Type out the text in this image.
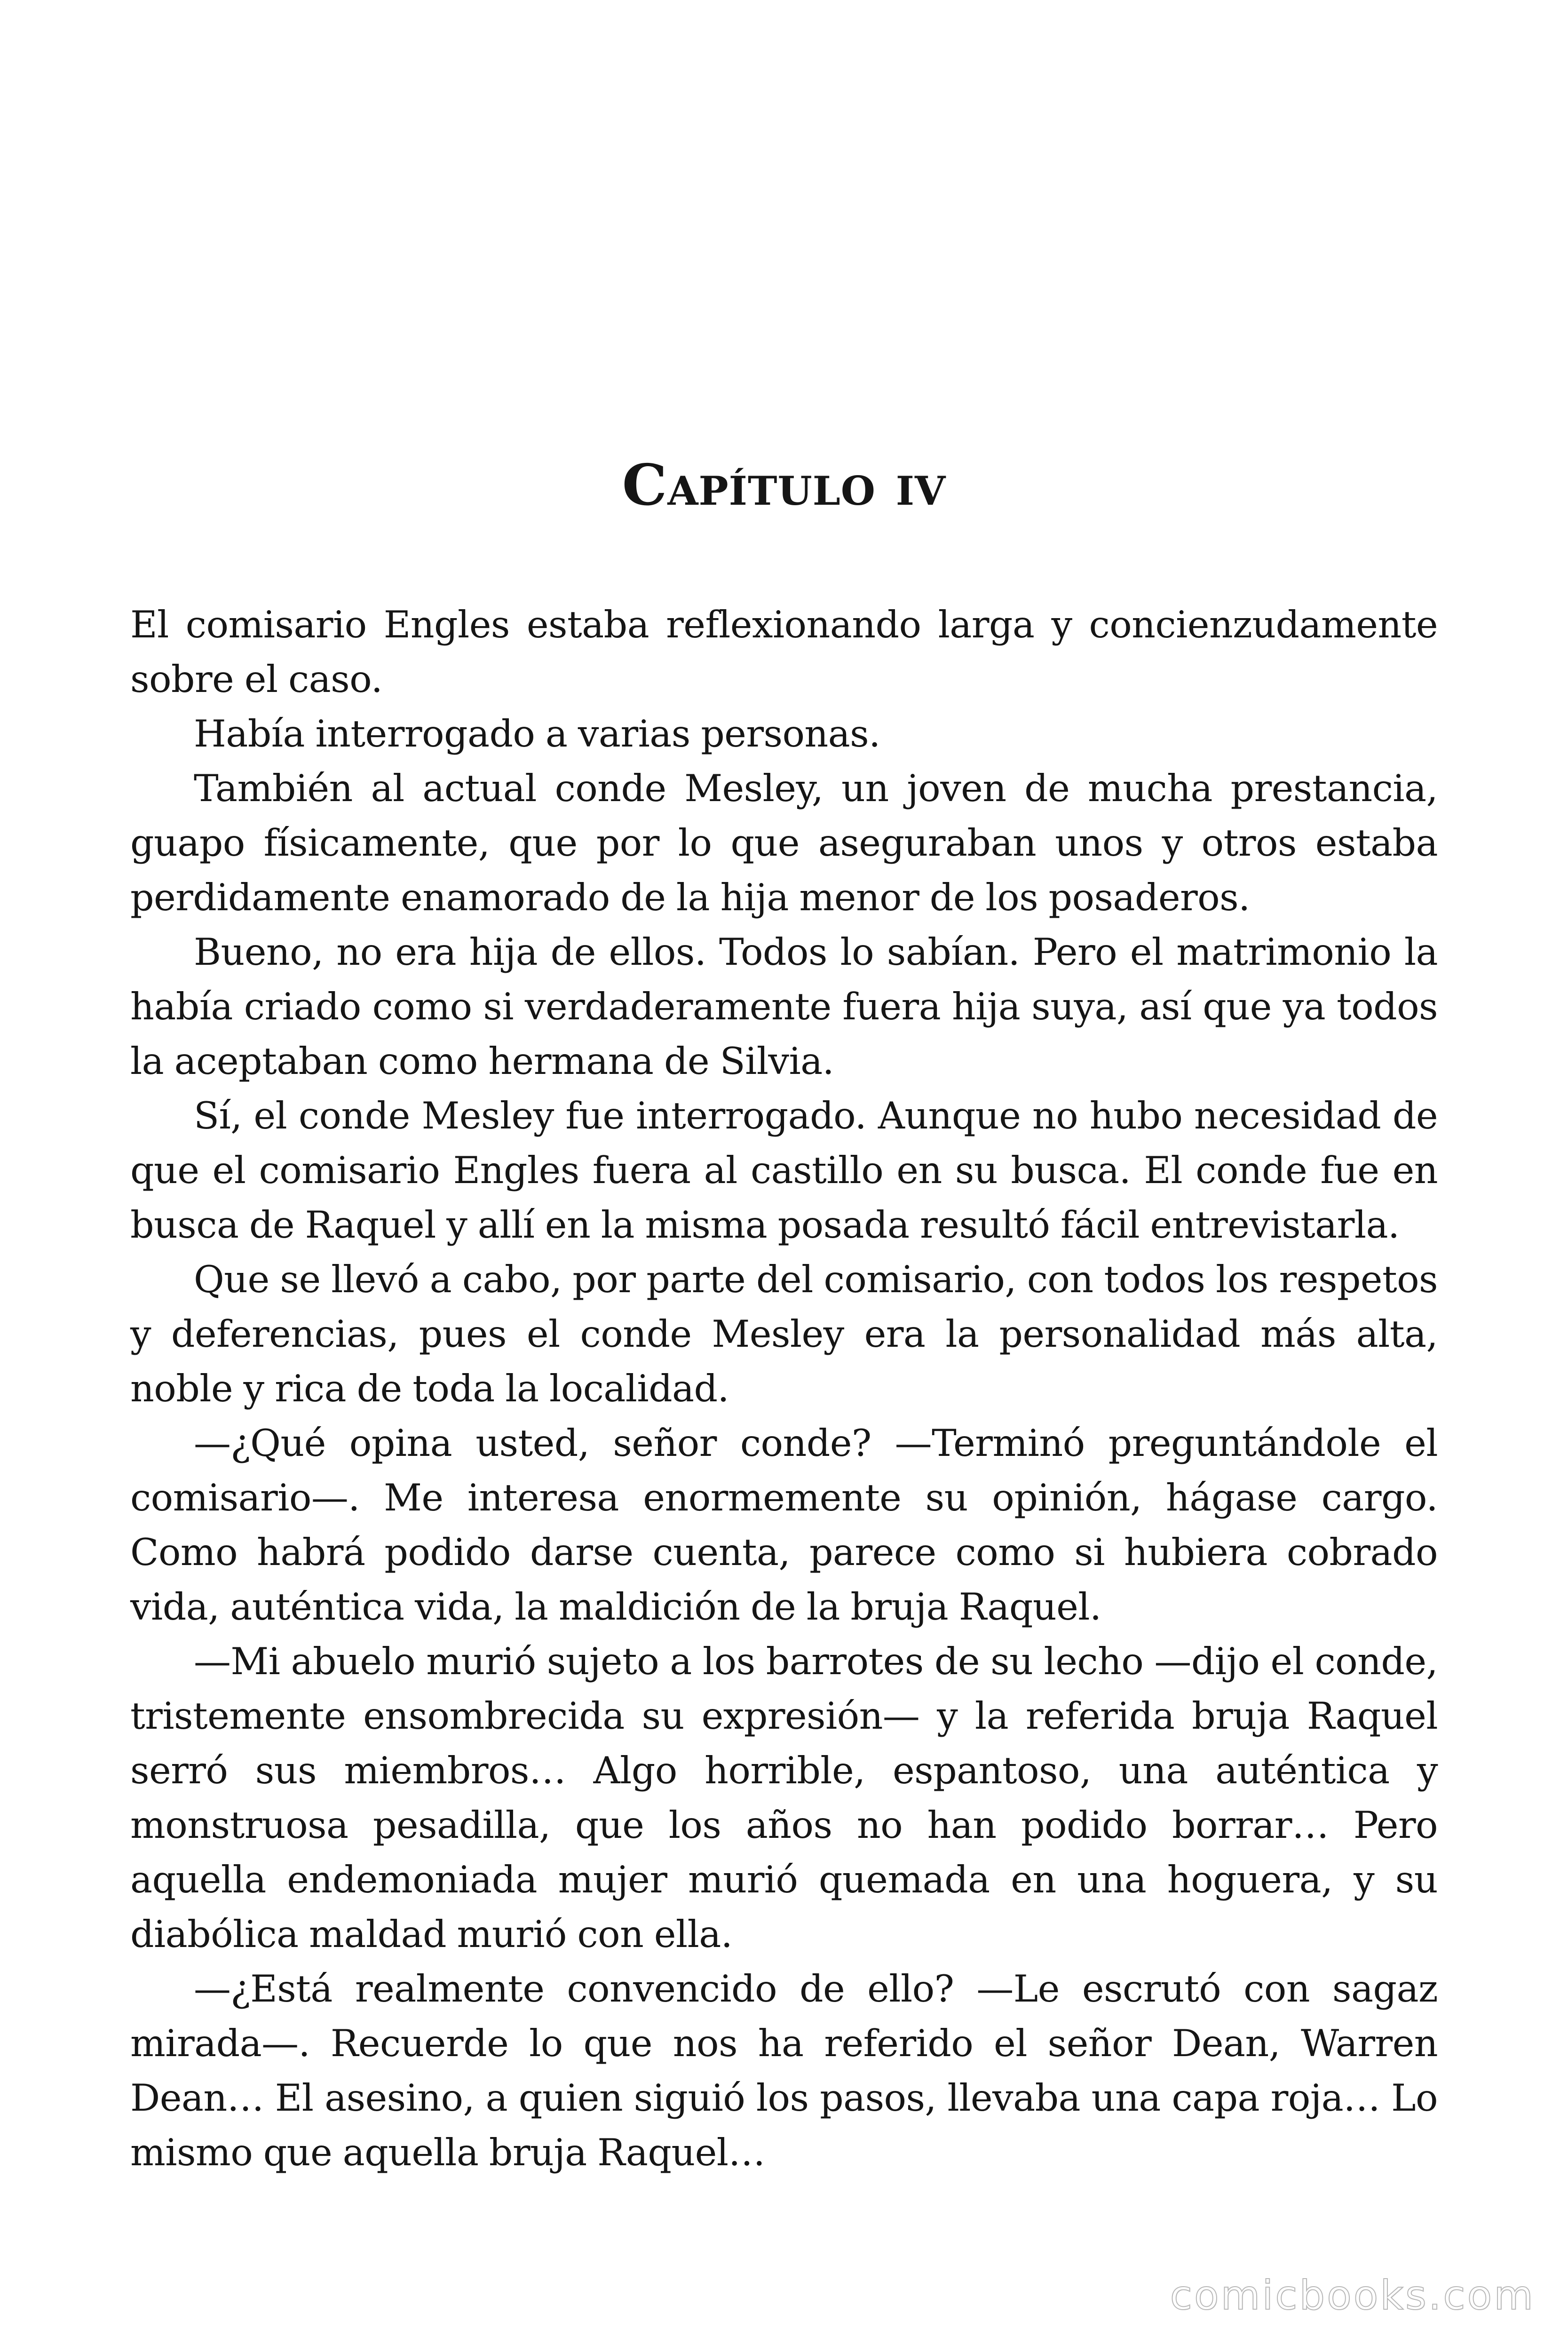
Capítulo iv

El comisario Engles estaba reflexionando larga y concienzudamente sobre el caso.

Había interrogado a varias personas.

También al actual conde Mesley, un joven de mucha prestancia, guapo físicamente, que por lo que aseguraban unos y otros estaba perdidamente enamorado de la hija menor de los posaderos.

Bueno, no era hija de ellos. Todos lo sabían. Pero el matrimonio la había criado como si verdaderamente fuera hija suya, así que ya todos la aceptaban como hermana de Silvia.

Sí, el conde Mesley fue interrogado. Aunque no hubo necesidad de que el comisario Engles fuera al castillo en su busca. El conde fue en busca de Raquel y allí en la misma posada resultó fácil entrevistarla.

Que se llevó a cabo, por parte del comisario, con todos los respetos y deferencias, pues el conde Mesley era la personalidad más alta, noble y rica de toda la localidad.

—¿Qué opina usted, señor conde? —Terminó preguntándole el comisario—. Me interesa enormemente su opinión, hágase cargo. Como habrá podido darse cuenta, parece como si hubiera cobrado vida, auténtica vida, la maldición de la bruja Raquel.

—Mi abuelo murió sujeto a los barrotes de su lecho —dijo el conde, tristemente ensombrecida su expresión— y la referida bruja Raquel serró sus miembros… Algo horrible, espantoso, una auténtica y monstruosa pesadilla, que los años no han podido borrar… Pero aquella endemoniada mujer murió quemada en una hoguera, y su diabólica maldad murió con ella.

—¿Está realmente convencido de ello? —Le escrutó con sagaz mirada—. Recuerde lo que nos ha referido el señor Dean, Warren Dean… El asesino, a quien siguió los pasos, llevaba una capa roja… Lo mismo que aquella bruja Raquel…

comicbooks.com
